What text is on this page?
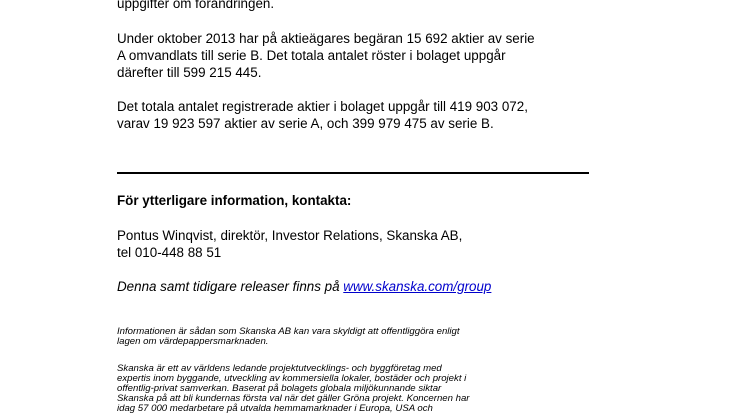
uppgifter om förändringen.
Under oktober 2013 har på aktieägares begäran 15 692 aktier av serie
A omvandlats till serie B. Det totala antalet röster i bolaget uppgår
därefter till 599 215 445.
Det totala antalet registrerade aktier i bolaget uppgår till 419 903 072,
varav 19 923 597 aktier av serie A, och 399 979 475 av serie B.
För ytterligare information, kontakta:
Pontus Winqvist, direktör, Investor Relations, Skanska AB,
tel 010-448 88 51
Denna samt tidigare releaser finns på www.skanska.com/group
Informationen är sådan som Skanska AB kan vara skyldigt att offentliggöra enligt
lagen om värdepappersmarknaden.
Skanska är ett av världens ledande projektutvecklings- och byggföretag med
expertis inom byggande, utveckling av kommersiella lokaler, bostäder och projekt i
offentlig-privat samverkan. Baserat på bolagets globala miljökunnande siktar
Skanska på att bli kundernas första val när det gäller Gröna projekt. Koncernen har
idag 57 000 medarbetare på utvalda hemmamarknader i Europa, USA och
